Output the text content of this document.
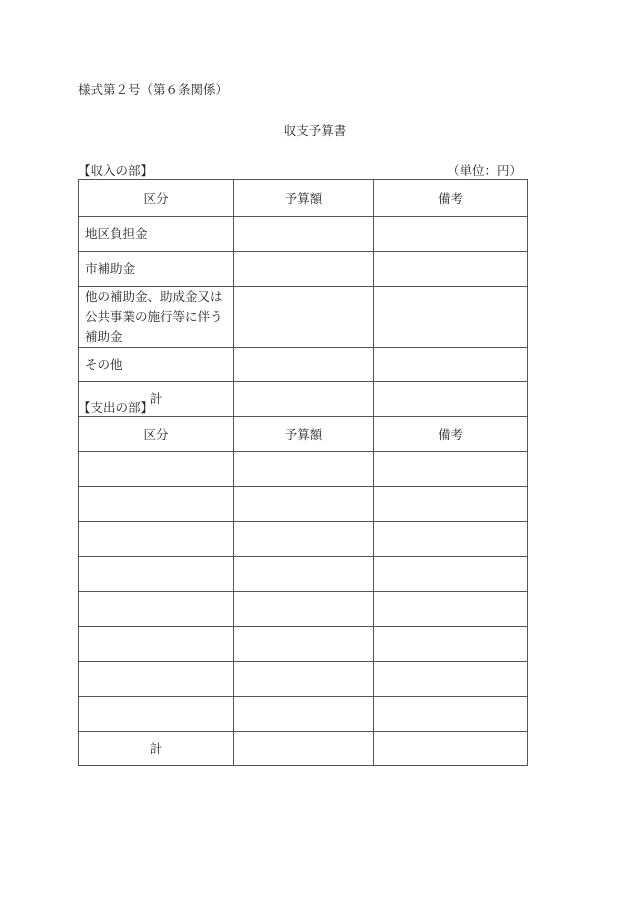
様式第２号（第６条関係）
収支予算書
【収入の部】	（単位：円）
区分	予算額	備考
地区負担金		
市補助金		
他の補助金、助成金又は公共事業の施行等に伴う補助金		
その他		
計		
【支出の部】
区分	予算額	備考

計		
